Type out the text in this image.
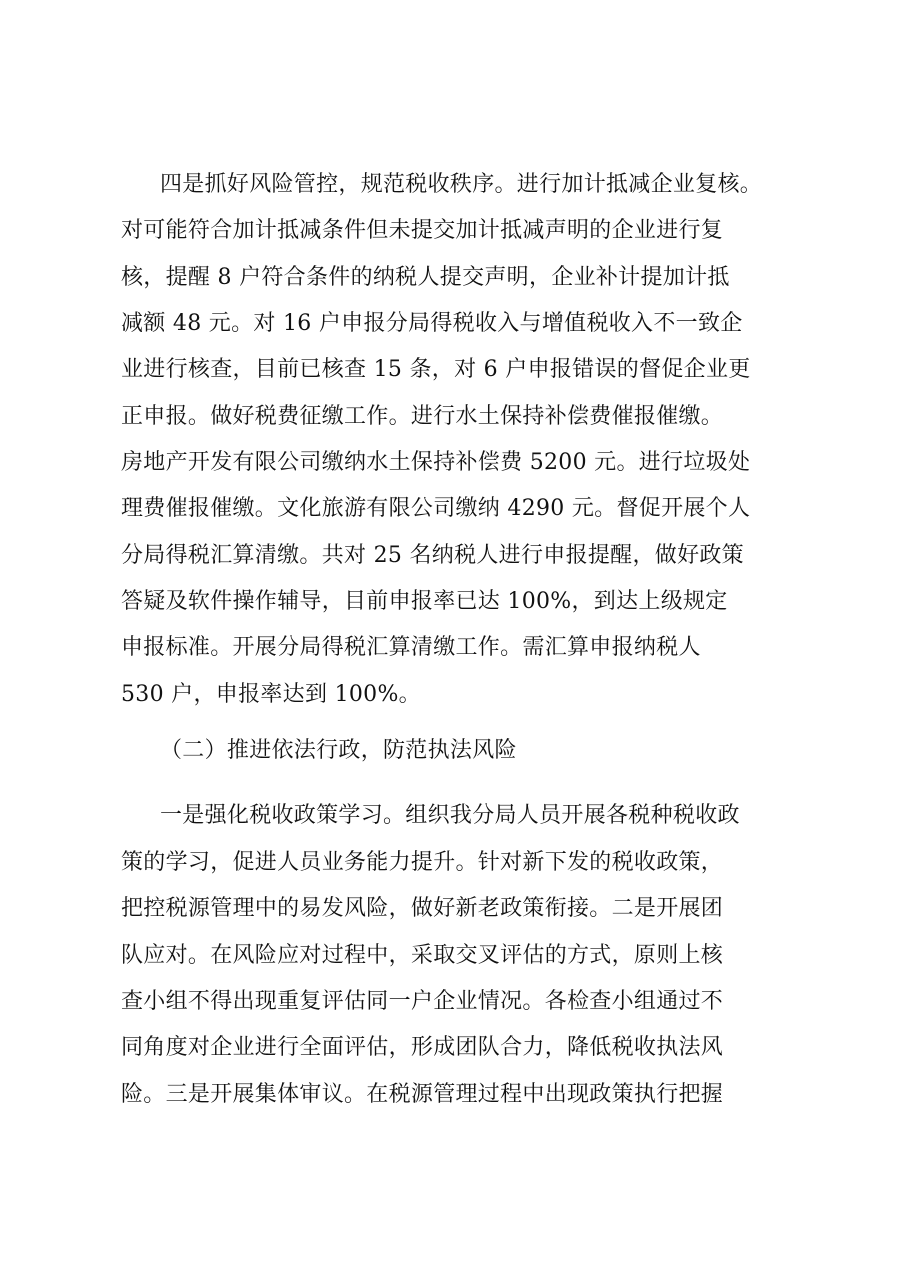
四是抓好风险管控，规范税收秩序。进行加计抵减企业复核。
对可能符合加计抵减条件但未提交加计抵减声明的企业进行复
核，提醒 8 户符合条件的纳税人提交声明，企业补计提加计抵
减额 48 元。对 16 户申报分局得税收入与增值税收入不一致企
业进行核查，目前已核查 15 条，对 6 户申报错误的督促企业更
正申报。做好税费征缴工作。进行水土保持补偿费催报催缴。
房地产开发有限公司缴纳水土保持补偿费 5200 元。进行垃圾处
理费催报催缴。文化旅游有限公司缴纳 4290 元。督促开展个人
分局得税汇算清缴。共对 25 名纳税人进行申报提醒，做好政策
答疑及软件操作辅导，目前申报率已达 100%，到达上级规定
申报标准。开展分局得税汇算清缴工作。需汇算申报纳税人
530 户，申报率达到 100%。
（二）推进依法行政，防范执法风险
一是强化税收政策学习。组织我分局人员开展各税种税收政
策的学习，促进人员业务能力提升。针对新下发的税收政策，
把控税源管理中的易发风险，做好新老政策衔接。二是开展团
队应对。在风险应对过程中，采取交叉评估的方式，原则上核
查小组不得出现重复评估同一户企业情况。各检查小组通过不
同角度对企业进行全面评估，形成团队合力，降低税收执法风
险。三是开展集体审议。在税源管理过程中出现政策执行把握
